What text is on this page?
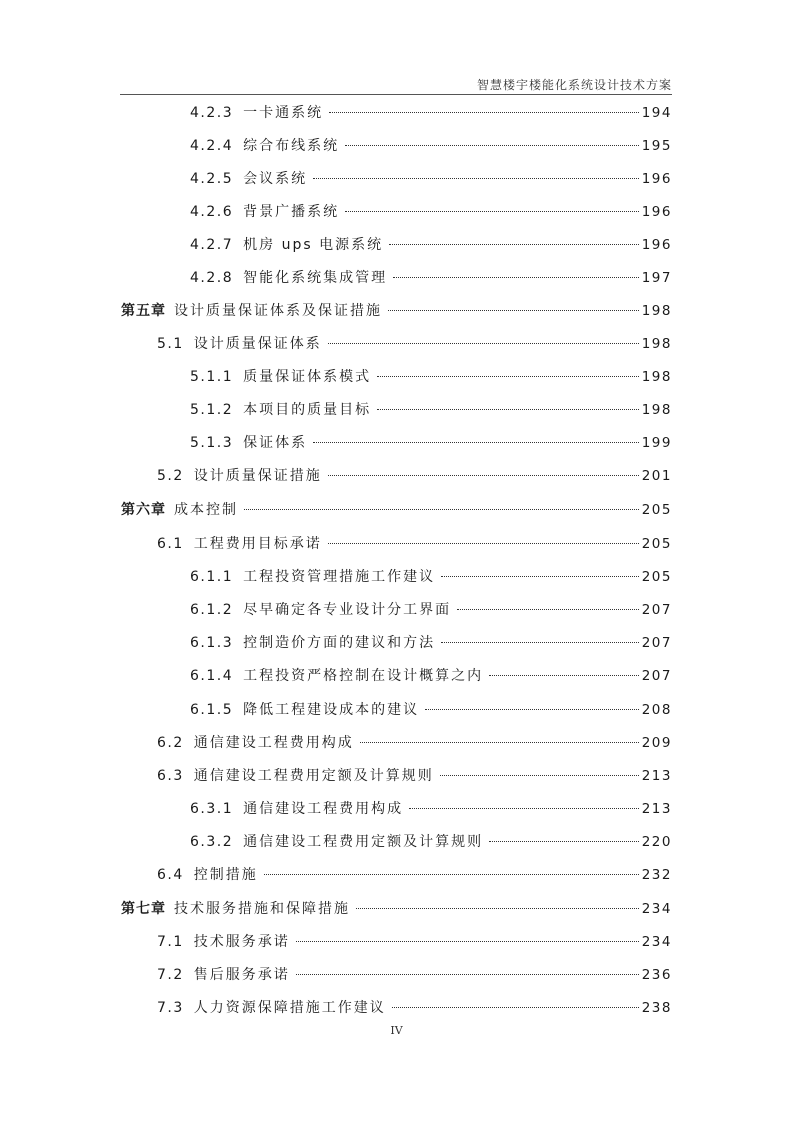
智慧楼宇楼能化系统设计技术方案
4.2.3 一卡通系统	194
4.2.4 综合布线系统	195
4.2.5 会议系统	196
4.2.6 背景广播系统	196
4.2.7 机房 ups 电源系统	196
4.2.8 智能化系统集成管理	197
第五章 设计质量保证体系及保证措施	198
5.1 设计质量保证体系	198
5.1.1 质量保证体系模式	198
5.1.2 本项目的质量目标	198
5.1.3 保证体系	199
5.2 设计质量保证措施	201
第六章 成本控制	205
6.1 工程费用目标承诺	205
6.1.1 工程投资管理措施工作建议	205
6.1.2 尽早确定各专业设计分工界面	207
6.1.3 控制造价方面的建议和方法	207
6.1.4 工程投资严格控制在设计概算之内	207
6.1.5 降低工程建设成本的建议	208
6.2 通信建设工程费用构成	209
6.3 通信建设工程费用定额及计算规则	213
6.3.1 通信建设工程费用构成	213
6.3.2 通信建设工程费用定额及计算规则	220
6.4 控制措施	232
第七章 技术服务措施和保障措施	234
7.1 技术服务承诺	234
7.2 售后服务承诺	236
7.3 人力资源保障措施工作建议	238
IV
